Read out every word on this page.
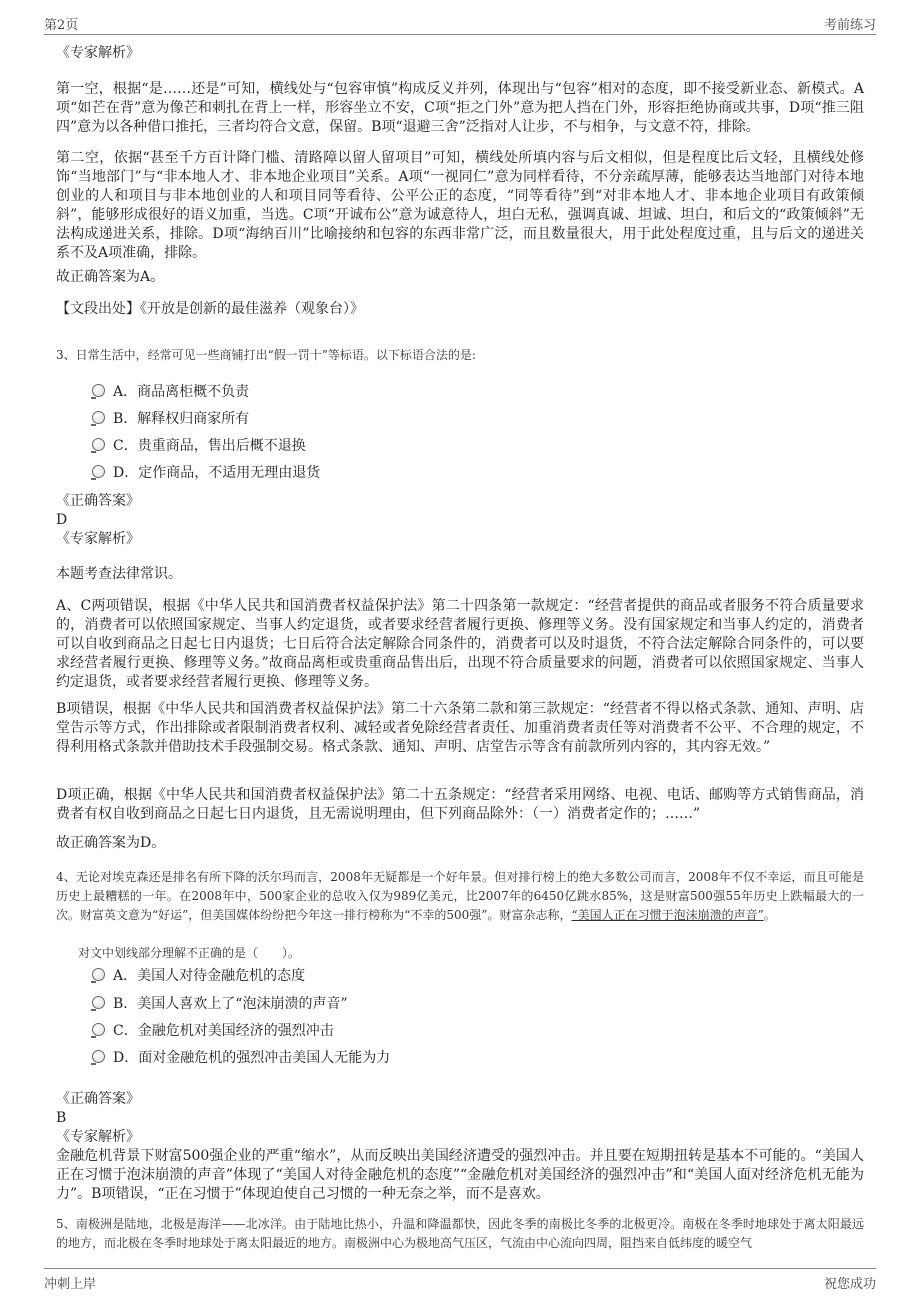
第2页	考前练习
《专家解析》
第一空，根据“是……还是”可知，横线处与“包容审慎”构成反义并列，体现出与“包容”相对的态度，即不接受新业态、新模式。A项“如芒在背”意为像芒和刺扎在背上一样，形容坐立不安，C项“拒之门外”意为把人挡在门外，形容拒绝协商或共事，D项“推三阻四”意为以各种借口推托，三者均符合文意，保留。B项“退避三舍”泛指对人让步，不与相争，与文意不符，排除。
第二空，依据“甚至千方百计降门槛、清路障以留人留项目”可知，横线处所填内容与后文相似，但是程度比后文轻，且横线处修饰“当地部门”与“非本地人才、非本地企业项目”关系。A项“一视同仁”意为同样看待，不分亲疏厚薄，能够表达当地部门对待本地创业的人和项目与非本地创业的人和项目同等看待、公平公正的态度，“同等看待”到“对非本地人才、非本地企业项目有政策倾斜”，能够形成很好的语义加重，当选。C项“开诚布公”意为诚意待人，坦白无私，强调真诚、坦诚、坦白，和后文的“政策倾斜”无法构成递进关系，排除。D项“海纳百川”比喻接纳和包容的东西非常广泛，而且数量很大，用于此处程度过重，且与后文的递进关系不及A项准确，排除。
故正确答案为A。
【文段出处】《开放是创新的最佳滋养（观象台）》
3、日常生活中，经常可见一些商铺打出“假一罚十”等标语。以下标语合法的是:
A．商品离柜概不负责
B．解释权归商家所有
C．贵重商品，售出后概不退换
D．定作商品，不适用无理由退货
《正确答案》
D
《专家解析》
本题考查法律常识。
A、C两项错误，根据《中华人民共和国消费者权益保护法》第二十四条第一款规定：“经营者提供的商品或者服务不符合质量要求的，消费者可以依照国家规定、当事人约定退货，或者要求经营者履行更换、修理等义务。没有国家规定和当事人约定的，消费者可以自收到商品之日起七日内退货；七日后符合法定解除合同条件的，消费者可以及时退货，不符合法定解除合同条件的，可以要求经营者履行更换、修理等义务。”故商品离柜或贵重商品售出后，出现不符合质量要求的问题，消费者可以依照国家规定、当事人约定退货，或者要求经营者履行更换、修理等义务。
B项错误，根据《中华人民共和国消费者权益保护法》第二十六条第二款和第三款规定：“经营者不得以格式条款、通知、声明、店堂告示等方式，作出排除或者限制消费者权利、减轻或者免除经营者责任、加重消费者责任等对消费者不公平、不合理的规定，不得利用格式条款并借助技术手段强制交易。格式条款、通知、声明、店堂告示等含有前款所列内容的，其内容无效。”
D项正确，根据《中华人民共和国消费者权益保护法》第二十五条规定：“经营者采用网络、电视、电话、邮购等方式销售商品，消费者有权自收到商品之日起七日内退货，且无需说明理由，但下列商品除外：（一）消费者定作的；……”
故正确答案为D。
4、无论对埃克森还是排名有所下降的沃尔玛而言，2008年无疑都是一个好年景。但对排行榜上的绝大多数公司而言，2008年不仅不幸运，而且可能是历史上最糟糕的一年。在2008年中，500家企业的总收入仅为989亿美元，比2007年的6450亿跳水85%，这是财富500强55年历史上跌幅最大的一次。财富英文意为“好运”，但美国媒体纷纷把今年这一排行榜称为“不幸的500强”。财富杂志称，“美国人正在习惯于泡沫崩溃的声音”。
对文中划线部分理解不正确的是（　　）。
A．美国人对待金融危机的态度
B．美国人喜欢上了“泡沫崩溃的声音”
C．金融危机对美国经济的强烈冲击
D．面对金融危机的强烈冲击美国人无能为力
《正确答案》
B
《专家解析》
金融危机背景下财富500强企业的严重“缩水”，从而反映出美国经济遭受的强烈冲击。并且要在短期扭转是基本不可能的。“美国人正在习惯于泡沫崩溃的声音”体现了“美国人对待金融危机的态度”“金融危机对美国经济的强烈冲击”和“美国人面对经济危机无能为力”。B项错误，“正在习惯于”体现迫使自己习惯的一种无奈之举，而不是喜欢。
5、南极洲是陆地，北极是海洋——北冰洋。由于陆地比热小，升温和降温都快，因此冬季的南极比冬季的北极更冷。南极在冬季时地球处于离太阳最远的地方，而北极在冬季时地球处于离太阳最近的地方。南极洲中心为极地高气压区，气流由中心流向四周，阻挡来自低纬度的暖空气
冲刺上岸	祝您成功
